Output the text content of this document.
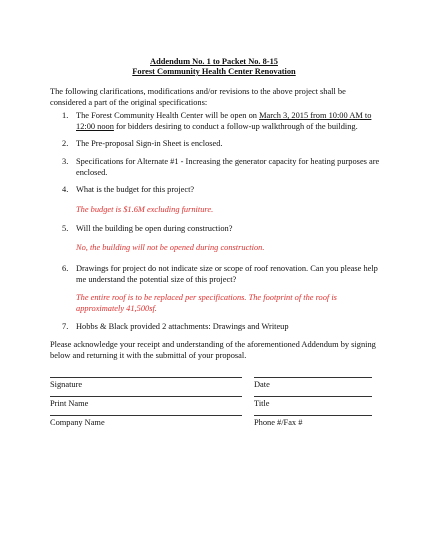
Addendum No. 1 to Packet No. 8-15
Forest Community Health Center Renovation
The following clarifications, modifications and/or revisions to the above project shall be considered a part of the original specifications:
1. The Forest Community Health Center will be open on March 3, 2015 from 10:00 AM to 12:00 noon for bidders desiring to conduct a follow-up walkthrough of the building.
2. The Pre-proposal Sign-in Sheet is enclosed.
3. Specifications for Alternate #1 - Increasing the generator capacity for heating purposes are enclosed.
4. What is the budget for this project?
The budget is $1.6M excluding furniture.
5. Will the building be open during construction?
No, the building will not be opened during construction.
6. Drawings for project do not indicate size or scope of roof renovation. Can you please help me understand the potential size of this project?
The entire roof is to be replaced per specifications. The footprint of the roof is approximately 41,500sf.
7. Hobbs & Black provided 2 attachments: Drawings and Writeup
Please acknowledge your receipt and understanding of the aforementioned Addendum by signing below and returning it with the submittal of your proposal.
Signature	Date
Print Name	Title
Company Name	Phone #/Fax #
